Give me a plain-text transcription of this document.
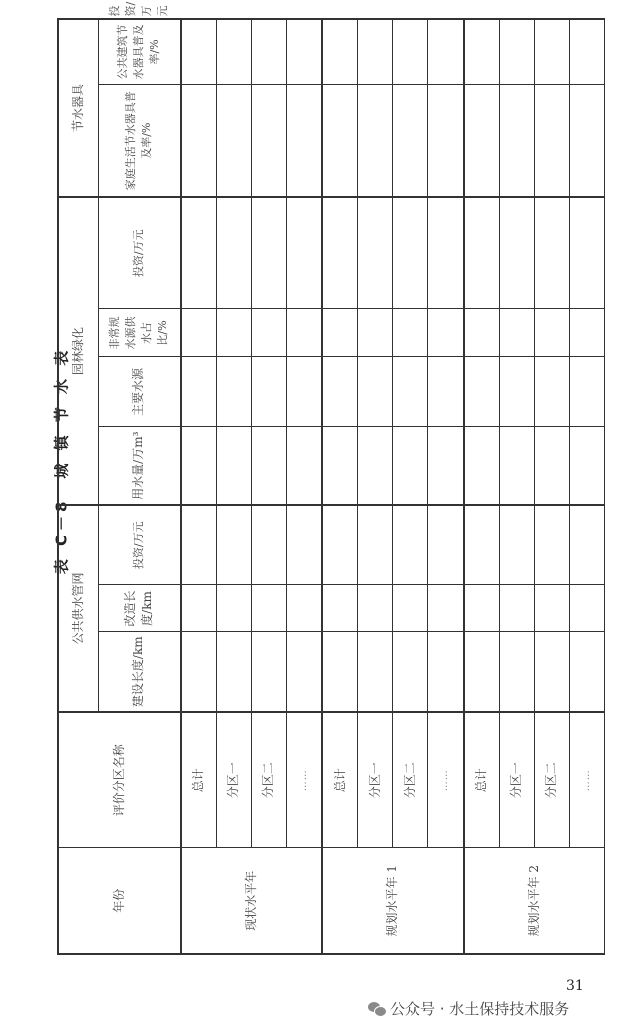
表 C－8　城 镇 节 水 表
年份	评价分区名称	公共供水管网			园林绿化				节水器具		
		建设长度/km	改造长度/km	投资/万元	用水量/万m³	主要水源	非常规水源供水占比/%	投资/万元	家庭生活节水器具普及率/%	公共建筑节水器具普及率/%	投资/万元
现状水平年	总计										
	分区一										
	分区二										
	……										
规划水平年 1	总计										
	分区一										
	分区二										
	……										
规划水平年 2	总计										
	分区一										
	分区二										
	……										
31
公众号 · 水土保持技术服务
